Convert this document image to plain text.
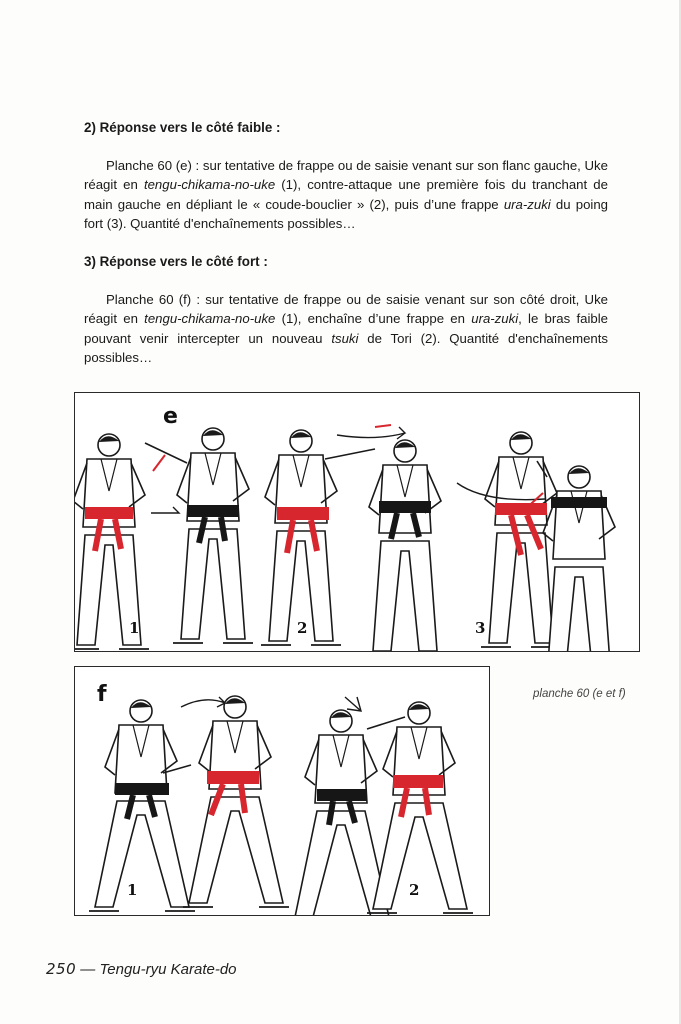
2) Réponse vers le côté faible :

Planche 60 (e) : sur tentative de frappe ou de saisie venant sur son flanc gauche, Uke réagit en tengu-chikama-no-uke (1), contre-attaque une première fois du tranchant de main gauche en dépliant le « coude-bouclier » (2), puis d’une frappe ura-zuki du poing fort (3). Quantité d'enchaînements possibles…

3) Réponse vers le côté fort :

Planche 60 (f) : sur tentative de frappe ou de saisie venant sur son côté droit, Uke réagit en tengu-chikama-no-uke (1), enchaîne d’une frappe en ura-zuki, le bras faible pouvant venir intercepter un nouveau tsuki de Tori (2). Quantité d'enchaînements possibles…

e
1	2	3
f
1	2
planche 60 (e et f)
250 — Tengu-ryu Karate-do
